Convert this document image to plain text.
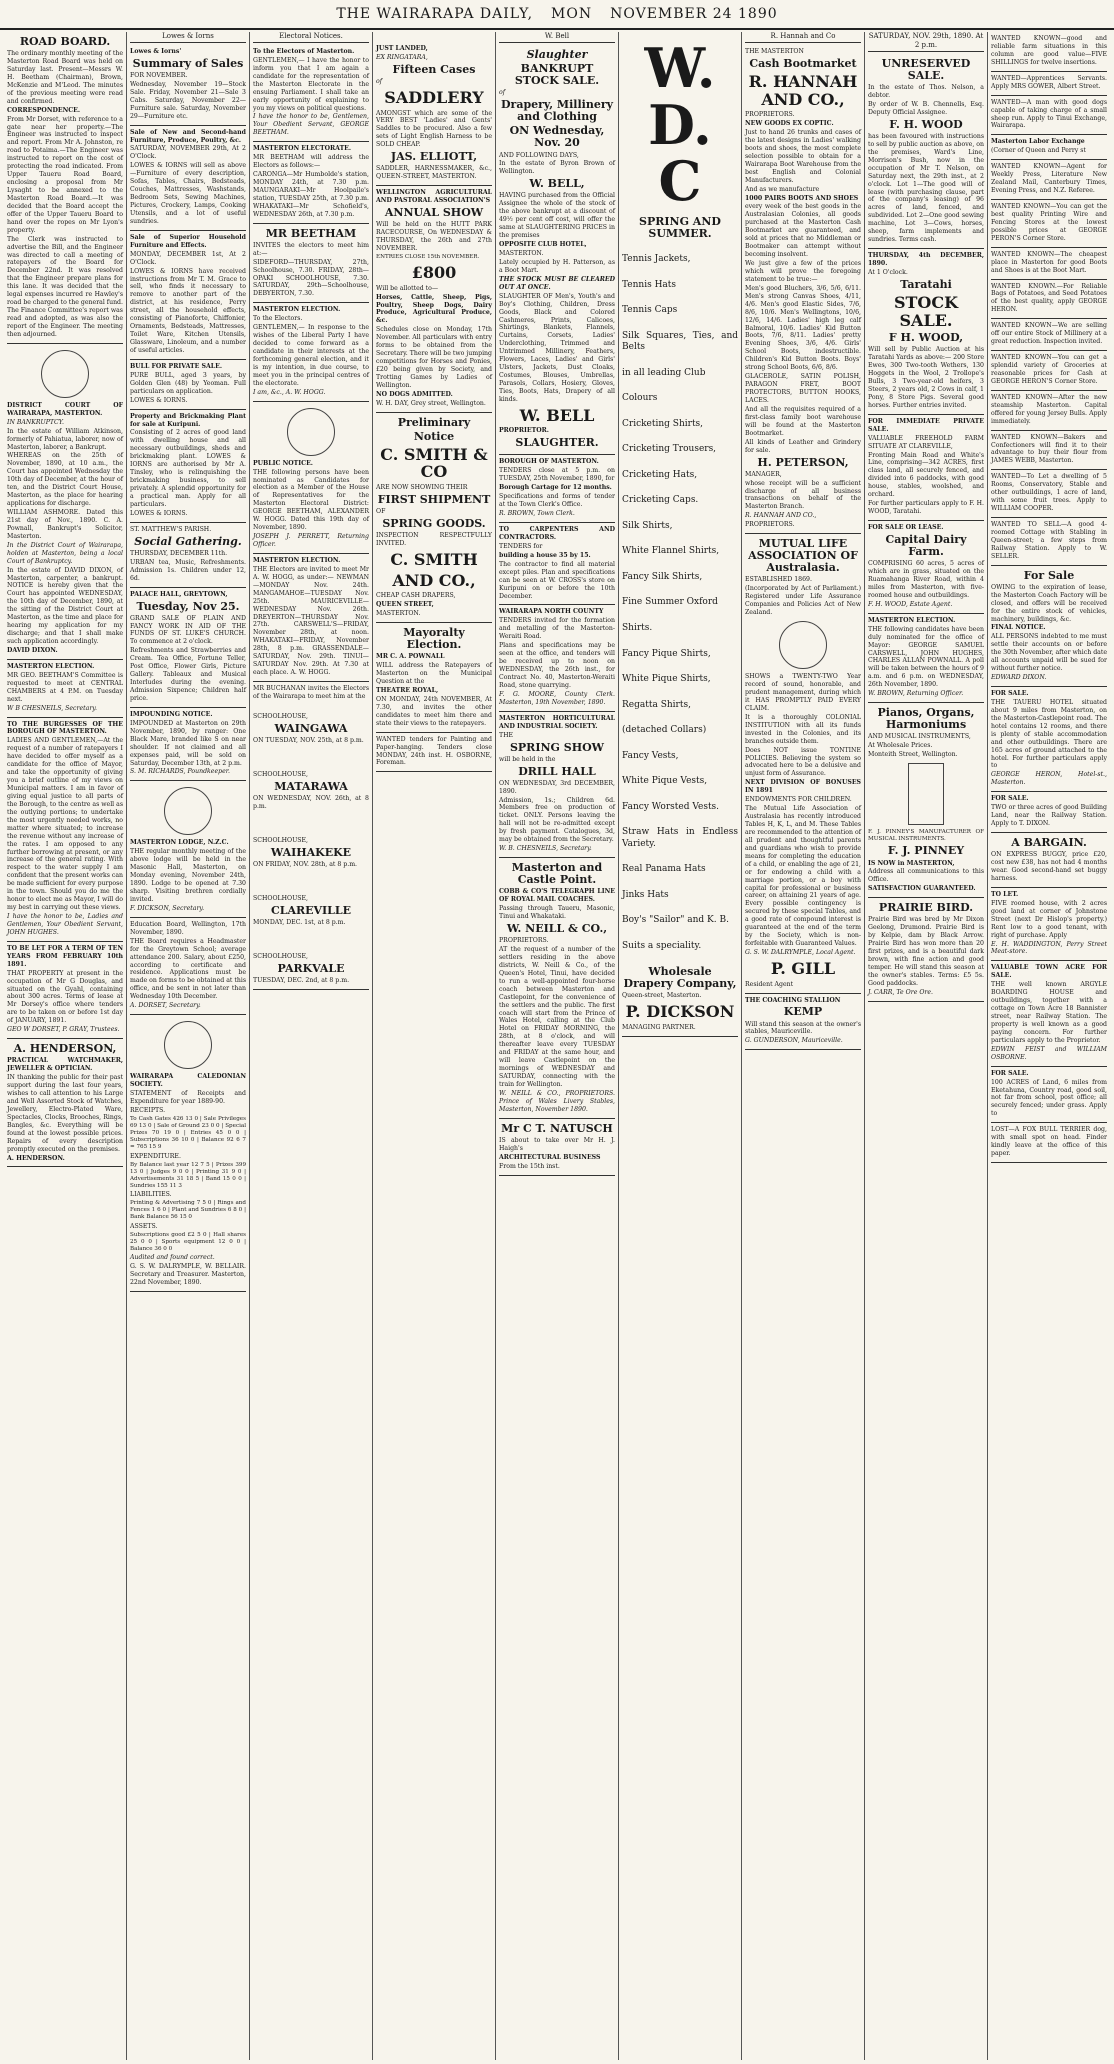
THE WAIRARAPA DAILY, MON NOVEMBER 24 1890
ROAD BOARD.

The ordinary monthly meeting of the Masterton Road Board was held on Saturday last. Present—Messrs W. H. Beetham (Chairman), Brown, McKenzie and M'Leod. The minutes of the previous meeting were read and confirmed.

CORRESPONDENCE.

From Mr Dorset, with reference to a gate near her property.—The Engineer was instructed to inspect and report. From Mr A. Johnston, re road to Potaima.—The Engineer was instructed to report on the cost of protecting the road indicated. From Upper Taueru Road Board, enclosing a proposal from Mr Lysaght to be annexed to the Masterton Road Board.—It was decided that the Board accept the offer of the Upper Taueru Board to hand over the ropes on Mr Lyon's property.

The Clerk was instructed to advertise the Bill, and the Engineer was directed to call a meeting of ratepayers of the Board for December 22nd. It was resolved that the Engineer prepare plans for this lane. It was decided that the legal expenses incurred re Hawley's road be charged to the general fund. The Finance Committee's report was read and adopted, as was also the report of the Engineer. The meeting then adjourned.

DISTRICT COURT OF WAIRARAPA, MASTERTON.

IN BANKRUPTCY.

In the estate of William Atkinson, formerly of Pahiatua, laborer, now of Masterton, laborer, a Bankrupt.

WHEREAS on the 25th of November, 1890, at 10 a.m., the Court has appointed Wednesday the 10th day of December, at the hour of ten, and the District Court House, Masterton, as the place for hearing applications for discharge.

WILLIAM ASHMORE. Dated this 21st day of Nov., 1890. C. A. Pownall, Bankrupt's Solicitor, Masterton.

In the District Court of Wairarapa, holden at Masterton, being a local Court of Bankruptcy.

In the estate of DAVID DIXON, of Masterton, carpenter, a bankrupt. NOTICE is hereby given that the Court has appointed WEDNESDAY, the 10th day of December, 1890, at the sitting of the District Court at Masterton, as the time and place for hearing my application for my discharge; and that I shall make such application accordingly.

DAVID DIXON.

MASTERTON ELECTION.

MR GEO. BEETHAM'S Committee is requested to meet at CENTRAL CHAMBERS at 4 P.M. on Tuesday next.

W B CHESNEILS, Secretary.

TO THE BURGESSES OF THE BOROUGH OF MASTERTON.

LADIES AND GENTLEMEN,—At the request of a number of ratepayers I have decided to offer myself as a candidate for the office of Mayor, and take the opportunity of giving you a brief outline of my views on Municipal matters. I am in favor of giving equal justice to all parts of the Borough, to the centre as well as the outlying portions; to undertake the most urgently needed works, no matter where situated; to increase the revenue without any increase of the rates. I am opposed to any further borrowing at present, or any increase of the general rating. With respect to the water supply I am confident that the present works can be made sufficient for every purpose in the town. Should you do me the honor to elect me as Mayor, I will do my best in carrying out these views.

I have the honor to be, Ladies and Gentlemen, Your Obedient Servant, JOHN HUGHES.

TO BE LET FOR A TERM OF TEN YEARS FROM FEBRUARY 10th 1891.

THAT PROPERTY at present in the occupation of Mr G Douglas, and situated on the Gyahl, containing about 300 acres. Terms of lease at Mr Dorsey's office where tenders are to be taken on or before 1st day of JANUARY, 1891.

GEO W DORSET, P. GRAY, Trustees.

A. HENDERSON,

PRACTICAL WATCHMAKER, JEWELLER & OPTICIAN.

IN thanking the public for their past support during the last four years, wishes to call attention to his Large and Well Assorted Stock of Watches, Jewellery, Electro-Plated Ware, Spectacles, Clocks, Brooches, Rings, Bangles, &c. Everything will be found at the lowest possible prices. Repairs of every description promptly executed on the premises.

A. HENDERSON.

Lowes & Iorns

Lowes & Iorns'

Summary of Sales

FOR NOVEMBER.

Wednesday, November 19—Stock Sale. Friday, November 21—Sale 3 Cabs. Saturday, November 22—Furniture sale. Saturday, November 29—Furniture etc.

Sale of New and Second-hand Furniture, Produce, Poultry, &c.

SATURDAY, NOVEMBER 29th, At 2 O'Clock.

LOWES & IORNS will sell as above—Furniture of every description, Sofas, Tables, Chairs, Bedsteads, Couches, Mattresses, Washstands, Bedroom Sets, Sewing Machines, Pictures, Crockery, Lamps, Cooking Utensils, and a lot of useful sundries.

Sale of Superior Household Furniture and Effects.

MONDAY, DECEMBER 1st, At 2 O'Clock.

LOWES & IORNS have received instructions from Mr T. M. Grace to sell, who finds it necessary to remove to another part of the district, at his residence, Perry street, all the household effects, consisting of Pianoforte, Chiffonier, Ornaments, Bedsteads, Mattresses, Toilet Ware, Kitchen Utensils, Glassware, Linoleum, and a number of useful articles.

BULL FOR PRIVATE SALE.

PURE BULL, aged 3 years, by Golden Glen (48) by Yeoman. Full particulars on application.

LOWES & IORNS.

Property and Brickmaking Plant for sale at Kuripuni.

Consisting of 2 acres of good land with dwelling house and all necessary outbuildings, sheds and brickmaking plant. LOWES & IORNS are authorised by Mr A. Tinsley, who is relinquishing the brickmaking business, to sell privately. A splendid opportunity for a practical man. Apply for all particulars.

LOWES & IORNS.

ST. MATTHEW'S PARISH.

Social Gathering.

THURSDAY, DECEMBER 11th.

URBAN tea, Music, Refreshments. Admission 1s. Children under 12, 6d.

PALACE HALL, GREYTOWN,

Tuesday, Nov 25.

GRAND SALE OF PLAIN AND FANCY WORK IN AID OF THE FUNDS OF ST. LUKE'S CHURCH. To commence at 2 o'clock.

Refreshments and Strawberries and Cream. Tea Office, Fortune Teller, Post Office, Flower Girls, Picture Gallery. Tableaux and Musical Interludes during the evening. Admission Sixpence; Children half price.

IMPOUNDING NOTICE.

IMPOUNDED at Masterton on 29th November, 1890, by ranger: One Black Mare, branded like S on near shoulder. If not claimed and all expenses paid, will be sold on Saturday, December 13th, at 2 p.m.

S. M. RICHARDS, Poundkeeper.

MASTERTON LODGE, N.Z.C.

THE regular monthly meeting of the above lodge will be held in the Masonic Hall, Masterton, on Monday evening, November 24th, 1890. Lodge to be opened at 7.30 sharp. Visiting brethren cordially invited.

F. DICKSON, Secretary.

Education Board, Wellington, 17th November, 1890.

THE Board requires a Headmaster for the Greytown School; average attendance 200. Salary, about £250, according to certificate and residence. Applications must be made on forms to be obtained at this office, and be sent in not later than Wednesday 10th December.

A. DORSET, Secretary.

WAIRARAPA CALEDONIAN SOCIETY.

STATEMENT of Receipts and Expenditure for year 1889-90.

RECEIPTS.

To Cash Gates 426 13 0 | Sale Privileges 69 13 0 | Sale of Ground 23 0 0 | Special Prizes 70 19 0 | Entries 45 0 0 | Subscriptions 36 10 0 | Balance 92 6 7 = 765 15 9

EXPENDITURE.

By Balance last year 12 7 5 | Prizes 399 13 0 | Judges 9 0 0 | Printing 31 9 0 | Advertisements 31 18 5 | Band 15 0 0 | Sundries 155 11 3

LIABILITIES.

Printing & Advertising 7 5 0 | Rings and Fences 1 6 0 | Plant and Sundries 6 8 0 | Bank Balance 56 15 0

ASSETS.

Subscriptions good £2 5 0 | Hall shares 25 0 0 | Sports equipment 12 0 0 | Balance 36 0 0

Audited and found correct.

G. S. W. DALRYMPLE, W. BELLAIR. Secretary and Treasurer. Masterton, 22nd November, 1890.

Electoral Notices.

To the Electors of Masterton.

GENTLEMEN,— I have the honor to inform you that I am again a candidate for the representation of the Masterton Electorate in the ensuing Parliament. I shall take an early opportunity of explaining to you my views on political questions.

I have the honor to be, Gentlemen, Your Obedient Servant, GEORGE BEETHAM.

MASTERTON ELECTORATE.

MR BEETHAM will address the Electors as follows:—

CARONGA—Mr Humbolde's station, MONDAY 24th, at 7.30 p.m. MAUNGARAKI—Mr Hoolpaile's station, TUESDAY 25th, at 7.30 p.m. WHAKATAKI—Mr Schofield's, WEDNESDAY 26th, at 7.30 p.m.

MR BEETHAM

INVITES the electors to meet him at:—

SIDEFORD—THURSDAY, 27th, Schoolhouse, 7.30. FRIDAY, 28th—OPAKI SCHOOLHOUSE, 7.30. SATURDAY, 29th—Schoolhouse, DEBYERTON, 7.30.

MASTERTON ELECTION.

To the Electors.

GENTLEMEN,— In response to the wishes of the Liberal Party I have decided to come forward as a candidate in their interests at the forthcoming general election, and it is my intention, in due course, to meet you in the principal centres of the electorate.

I am, &c., A. W. HOGG.

PUBLIC NOTICE.

THE following persons have been nominated as Candidates for election as a Member of the House of Representatives for the Masterton Electoral District: GEORGE BEETHAM, ALEXANDER W. HOGG. Dated this 19th day of November, 1890.

JOSEPH J. PERRETT, Returning Officer.

MASTERTON ELECTION.

THE Electors are invited to meet Mr A. W. HOGG, as under:— NEWMAN—MONDAY Nov. 24th. MANGAMAHOE—TUESDAY Nov. 25th. MAURICEVILLE—WEDNESDAY Nov. 26th. DREYERTON—THURSDAY Nov. 27th. CARSWELL'S—FRIDAY, November 28th, at noon. WHAKATAKI—FRIDAY, November 28th, 8 p.m. GRASSENDALE—SATURDAY, Nov. 29th. TINUI—SATURDAY Nov. 29th. At 7.30 at each place. A. W. HOGG.

MR BUCHANAN invites the Electors of the Wairarapa to meet him at the

SCHOOLHOUSE,

WAINGAWA

ON TUESDAY, NOV. 25th, at 8 p.m.

SCHOOLHOUSE,

MATARAWA

ON WEDNESDAY, NOV. 26th, at 8 p.m.

SCHOOLHOUSE,

WAIHAKEKE

ON FRIDAY, NOV. 28th, at 8 p.m.

SCHOOLHOUSE,

CLAREVILLE

MONDAY, DEC. 1st, at 8 p.m.

SCHOOLHOUSE,

PARKVALE

TUESDAY, DEC. 2nd, at 8 p.m.

JUST LANDED,

EX RINGATARA,

Fifteen Cases

of

SADDLERY

AMONGST which are some of the VERY BEST 'Ladies' and Gents' Saddles to be procured. Also a few sets of Light English Harness to be SOLD CHEAP.

JAS. ELLIOTT,

SADDLER, HARNESSMAKER, &c., QUEEN-STREET, MASTERTON.

WELLINGTON AGRICULTURAL AND PASTORAL ASSOCIATION'S

ANNUAL SHOW

Will be held on the HUTT PARK RACECOURSE, On WEDNESDAY & THURSDAY, the 26th and 27th NOVEMBER.

ENTRIES CLOSE 15th NOVEMBER.

£800

Will be allotted to—

Horses, Cattle, Sheep, Pigs, Poultry, Sheep Dogs, Dairy Produce, Agricultural Produce, &c.

Schedules close on Monday, 17th November. All particulars with entry forms to be obtained from the Secretary. There will be two jumping competitions for Horses and Ponies, £20 being given by Society, and Trotting Games by Ladies of Wellington.

NO DOGS ADMITTED.

W. H. DAY, Grey street, Wellington.

Preliminary
Notice
C. SMITH & CO

ARE NOW SHOWING THEIR

FIRST SHIPMENT

OF

SPRING GOODS.

INSPECTION RESPECTFULLY INVITED.

C. SMITH
AND CO.,

CHEAP CASH DRAPERS,

QUEEN STREET,

MASTERTON.

Mayoralty Election.

MR C. A. POWNALL

WILL address the Ratepayers of Masterton on the Municipal Question at the

THEATRE ROYAL,

ON MONDAY, 24th NOVEMBER, At 7.30, and invites the other candidates to meet him there and state their views to the ratepayers.

WANTED tenders for Painting and Paper-hanging. Tenders close MONDAY, 24th inst. H. OSBORNE, Foreman.

W. Bell
Slaughter
BANKRUPT STOCK SALE.

of

Drapery, Millinery and Clothing
ON Wednesday, Nov. 20

AND FOLLOWING DAYS,

In the estate of Byron Brown of Wellington.

W. BELL,

HAVING purchased from the Official Assignee the whole of the stock of the above bankrupt at a discount of 49½ per cent off cost, will offer the same at SLAUGHTERING PRICES in the premises

OPPOSITE CLUB HOTEL,

MASTERTON.

Lately occupied by H. Patterson, as a Boot Mart.

THE STOCK MUST BE CLEARED OUT AT ONCE.

SLAUGHTER OF Men's, Youth's and Boy's Clothing, Children, Dress Goods, Black and Colored Cashmeres, Prints, Calicoes, Shirtings, Blankets, Flannels, Curtains, Corsets, Ladies' Underclothing, Trimmed and Untrimmed Millinery, Feathers, Flowers, Laces, Ladies' and Girls' Ulsters, Jackets, Dust Cloaks, Costumes, Blouses, Umbrellas, Parasols, Collars, Hosiery, Gloves, Ties, Boots, Hats, Drapery of all kinds.

W. BELL

PROPRIETOR.

SLAUGHTER.

BOROUGH OF MASTERTON.

TENDERS close at 5 p.m. on TUESDAY, 25th November, 1890, for

Borough Cartage for 12 months.

Specifications and forms of tender at the Town Clerk's Office.

R. BROWN, Town Clerk.

TO CARPENTERS AND CONTRACTORS.

TENDERS for

building a house 35 by 15.

The contractor to find all material except piles. Plan and specifications can be seen at W. CROSS's store on Kuripuni on or before the 10th December.

WAIRARAPA NORTH COUNTY

TENDERS invited for the formation and metalling of the Masterton-Weraiti Road.

Plans and specifications may be seen at the office, and tenders will be received up to noon on WEDNESDAY, the 26th inst., for Contract No. 40, Masterton-Weraiti Road, stone quarrying.

F. G. MOORE, County Clerk. Masterton, 19th November, 1890.

MASTERTON HORTICULTURAL AND INDUSTRIAL SOCIETY.

THE

SPRING SHOW

will be held in the

DRILL HALL

ON WEDNESDAY, 3rd DECEMBER, 1890.

Admission, 1s.; Children 6d. Members free on production of ticket. ONLY. Persons leaving the hall will not be re-admitted except by fresh payment. Catalogues, 3d, may be obtained from the Secretary.

W. B. CHESNEILS, Secretary.

Masterton and Castle Point.

COBB & CO'S TELEGRAPH LINE OF ROYAL MAIL COACHES.

Passing through Taueru, Masonic, Tinui and Whakataki.

W. NEILL & CO.,

PROPRIETORS.

AT the request of a number of the settlers residing in the above districts, W. Neill & Co., of the Queen's Hotel, Tinui, have decided to run a well-appointed four-horse coach between Masterton and Castlepoint, for the convenience of the settlers and the public. The first coach will start from the Prince of Wales Hotel, calling at the Club Hotel on FRIDAY MORNING, the 28th, at 8 o'clock, and will thereafter leave every TUESDAY and FRIDAY at the same hour, and will leave Castlepoint on the mornings of WEDNESDAY and SATURDAY, connecting with the train for Wellington.

W. NEILL & CO., PROPRIETORS. Prince of Wales Livery Stables, Masterton, November 1890.

Mr C T. NATUSCH

IS about to take over Mr H. J. Haigh's

ARCHITECTURAL BUSINESS

From the 15th inst.

W. D. C
SPRING AND SUMMER.

Tennis Jackets,

Tennis Hats

Tennis Caps

Silk Squares, Ties, and Belts

in all leading Club

Colours

Cricketing Shirts,

Cricketing Trousers,

Cricketing Hats,

Cricketing Caps.

Silk Shirts,

White Flannel Shirts,

Fancy Silk Shirts,

Fine Summer Oxford

Shirts.

Fancy Pique Shirts,

White Pique Shirts,

Regatta Shirts,

(detached Collars)

Fancy Vests,

White Pique Vests,

Fancy Worsted Vests.

Straw Hats in Endless Variety.

Real Panama Hats

Jinks Hats

Boy's "Sailor" and K. B.

Suits a speciality.

Wholesale Drapery Company,

Queen-street, Masterton.

P. DICKSON

MANAGING PARTNER.

R. Hannah and Co

THE MASTERTON

Cash Bootmarket
R. HANNAH AND CO.,

PROPRIETORS.

NEW GOODS EX COPTIC.

Just to hand 26 trunks and cases of the latest designs in Ladies' walking boots and shoes, the most complete selection possible to obtain for a Wairarapa Boot Warehouse from the best English and Colonial Manufacturers.

And as we manufacture

1000 PAIRS BOOTS AND SHOES

every week of the best goods in the Australasian Colonies, all goods purchased at the Masterton Cash Bootmarket are guaranteed, and sold at prices that no Middleman or Bootmaker can attempt without becoming insolvent.

We just give a few of the prices which will prove the foregoing statement to be true:—

Men's good Bluchers, 3/6, 5/6, 6/11. Men's strong Canvas Shoes, 4/11, 4/6. Men's good Elastic Sides, 7/6, 8/6, 10/6. Men's Wellingtons, 10/6, 12/6, 14/6. Ladies' high leg calf Balmoral, 10/6. Ladies' Kid Button Boots, 7/6, 8/11. Ladies' pretty Evening Shoes, 3/6, 4/6. Girls' School Boots, indestructible. Children's Kid Button Boots. Boys' strong School Boots, 6/6, 8/6.

GLACEROLE, SATIN POLISH, PARAGON FRET, BOOT PROTECTORS, BUTTON HOOKS, LACES.

And all the requisites required of a first-class family boot warehouse will be found at the Masterton Bootmarket.

All kinds of Leather and Grindery for sale.

H. PETERSON,

MANAGER,

whose receipt will be a sufficient discharge of all business transactions on behalf of the Masterton Branch.

R. HANNAH AND CO.,

PROPRIETORS.

MUTUAL LIFE ASSOCIATION OF Australasia.

ESTABLISHED 1869.

(Incorporated by Act of Parliament.) Registered under Life Assurance Companies and Policies Act of New Zealand.

SHOWS a TWENTY-TWO Year record of sound, honorable, and prudent management, during which it HAS PROMPTLY PAID EVERY CLAIM.

It is a thoroughly COLONIAL INSTITUTION with all its funds invested in the Colonies, and its branches outside them.

Does NOT issue TONTINE POLICIES. Believing the system so advocated here to be a delusive and unjust form of Assurance.

NEXT DIVISION OF BONUSES IN 1891

ENDOWMENTS FOR CHILDREN.

The Mutual Life Association of Australasia has recently introduced Tables H, K, L, and M. These Tables are recommended to the attention of all prudent and thoughtful parents and guardians who wish to provide means for completing the education of a child, or enabling the age of 21, or for endowing a child with a marriage portion, or a boy with capital for professional or business career, on attaining 21 years of age. Every possible contingency is secured by these special Tables, and a good rate of compound interest is guaranteed at the end of the term by the Society, which is non-forfeitable with Guaranteed Values.

G. S. W. DALRYMPLE, Local Agent.

P. GILL

Resident Agent

THE COACHING STALLION

KEMP

Will stand this season at the owner's stables, Mauriceville.

G. GUNDERSON, Mauriceville.

SATURDAY, NOV. 29th, 1890. At 2 p.m.
UNRESERVED SALE.

In the estate of Thos. Nelson, a debtor.

By order of W. B. Chennells, Esq. Deputy Official Assignee.

F. H. WOOD

has been favoured with instructions to sell by public auction as above, on the premises, Ward's Line, Morrison's Bush, now in the occupation of Mr T. Nelson, on Saturday next, the 29th inst., at 2 o'clock. Lot 1—The good will of lease (with purchasing clause, part of the company's leasing) of 96 acres of land, fenced, and subdivided. Lot 2—One good sewing machine, Lot 3—Cows, horses, sheep, farm implements and sundries. Terms cash.

THURSDAY, 4th DECEMBER, 1890.

At 1 O'clock.

Taratahi
STOCK SALE.
F H. WOOD,

Will sell by Public Auction at his Taratahi Yards as above:— 200 Store Ewes, 300 Two-tooth Wethers, 130 Hoggets in the Wool, 2 Trollope's Bulls, 3 Two-year-old heifers, 3 Steers, 2 years old, 2 Cows in calf, 1 Pony, 8 Store Pigs. Several good horses. Further entries invited.

FOR IMMEDIATE PRIVATE SALE.

VALUABLE FREEHOLD FARM SITUATE AT CLAREVILLE,

Fronting Main Road and White's Line, comprising—342 ACRES, first class land, all securely fenced, and divided into 6 paddocks, with good house, stables, woolshed, and orchard.

For further particulars apply to F. H. WOOD, Taratahi.

FOR SALE OR LEASE.

Capital Dairy Farm.

COMPRISING 60 acres, 5 acres of which are in grass, situated on the Ruamahanga River Road, within 4 miles from Masterton, with five-roomed house and outbuildings.

F. H. WOOD, Estate Agent.

MASTERTON ELECTION.

THE following candidates have been duly nominated for the office of Mayor: GEORGE SAMUEL CARSWELL, JOHN HUGHES, CHARLES ALLAN POWNALL. A poll will be taken between the hours of 9 a.m. and 6 p.m. on WEDNESDAY, 26th November, 1890.

W. BROWN, Returning Officer.

Pianos, Organs, Harmoniums

AND MUSICAL INSTRUMENTS,

At Wholesale Prices.

Monteith Street, Wellington.

F. J. PINNEY'S MANUFACTURER OF MUSICAL INSTRUMENTS.

F. J. PINNEY

IS NOW in MASTERTON,

Address all communications to this Office.

SATISFACTION GUARANTEED.

PRAIRIE BIRD.

Prairie Bird was bred by Mr Dixon Geelong, Drumond. Prairie Bird is by Kelpie, dam by Black Arrow. Prairie Bird has won more than 20 first prizes, and is a beautiful dark brown, with fine action and good temper. He will stand this season at the owner's stables. Terms: £5 5s. Good paddocks.

J. CARR, Te Ore Ore.

WANTED KNOWN—good and reliable farm situations in this column are good value—FIVE SHILLINGS for twelve insertions.

WANTED—Apprentices Servants. Apply MRS GOWER, Albert Street.

WANTED—A man with good dogs capable of taking charge of a small sheep run. Apply to Tinui Exchange, Wairarapa.

Masterton Labor Exchange

(Corner of Queen and Perry st

WANTED KNOWN—Agent for Weekly Press, Literature New Zealand Mail, Canterbury Times, Evening Press, and N.Z. Referee.

WANTED KNOWN—You can get the best quality Printing Wire and Fencing Stores at the lowest possible prices at GEORGE PERON'S Corner Store.

WANTED KNOWN—The cheapest place in Masterton for good Boots and Shoes is at the Boot Mart.

WANTED KNOWN.—For Reliable Bags of Potatoes, and Seed Potatoes of the best quality, apply GEORGE HERON.

WANTED KNOWN—We are selling off our entire Stock of Millinery at a great reduction. Inspection invited.

WANTED KNOWN—You can get a splendid variety of Groceries at reasonable prices for Cash at GEORGE HERON'S Corner Store.

WANTED KNOWN—After the new steamship Masterton. Capital offered for young Jersey Bulls. Apply immediately.

WANTED KNOWN—Bakers and Confectioners will find it to their advantage to buy their flour from JAMES WEBB, Masterton.

WANTED—To Let a dwelling of 5 Rooms, Conservatory, Stable and other outbuildings, 1 acre of land, with some fruit trees. Apply to WILLIAM COOPER.

WANTED TO SELL—A good 4-roomed Cottage with Stabling in Queen-street; a few steps from Railway Station. Apply to W. SELLER.

For Sale

OWING to the expiration of lease, the Masterton Coach Factory will be closed, and offers will be received for the entire stock of vehicles, machinery, buildings, &c.

FINAL NOTICE.

ALL PERSONS indebted to me must settle their accounts on or before the 30th November, after which date all accounts unpaid will be sued for without further notice.

EDWARD DIXON.

FOR SALE.

THE TAUERU HOTEL situated about 9 miles from Masterton, on the Masterton-Castlepoint road. The hotel contains 12 rooms, and there is plenty of stable accommodation and other outbuildings. There are 165 acres of ground attached to the hotel. For further particulars apply to

GEORGE HERON, Hotel-st., Masterton.

FOR SALE.

TWO or three acres of good Building Land, near the Railway Station. Apply to T. DIXON.

A BARGAIN.

ON EXPRESS BUGGY, price £20, cost new £38, has not had 4 months wear. Good second-hand set buggy harness.

TO LET.

FIVE roomed house, with 2 acres good land at corner of Johnstone Street (next Dr Hislop's property.) Rent low to a good tenant, with right of purchase. Apply

E. H. WADDINGTON, Perry Street Meat-store.

VALUABLE TOWN ACRE FOR SALE.

THE well known ARGYLE BOARDING HOUSE and outbuildings, together with a cottage on Town Acre 18 Bannister street, near Railway Station. The property is well known as a good paying concern. For further particulars apply to the Proprietor.

EDWIN FEIST and WILLIAM OSBORNE.

FOR SALE.

100 ACRES of Land, 6 miles from Eketahuna, Country road, good soil, not far from school, post office; all securely fenced; under grass. Apply to

LOST—A FOX BULL TERRIER dog, with small spot on head. Finder kindly leave at the office of this paper.
